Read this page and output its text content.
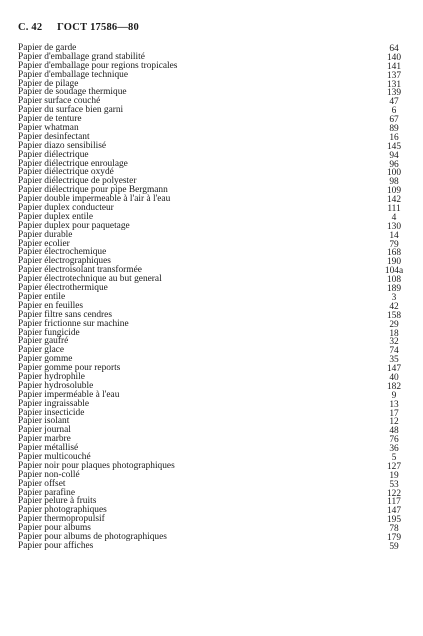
С. 42 ГОСТ 17586—80
Papier de garde	64
Papier d'emballage grand stabilité	140
Papier d'emballage pour regions tropicales	141
Papier d'emballage technique	137
Papier de pilage	131
Papier de soudage thermique	139
Papier surface couché	47
Papier du surface bien garni	6
Papier de tenture	67
Papier whatman	89
Papier desinfectant	16
Papier diazo sensibilisé	145
Papier diélectrique	94
Papier diélectrique enroulage	96
Papier diélectrique oxydé	100
Papier diélectrique de polyester	98
Papier diélectrique pour pipe Bergmann	109
Papier double impermeable à l'air à l'eau	142
Papier duplex conducteur	111
Papier duplex entile	4
Papier duplex pour paquetage	130
Papier durable	14
Papier ecolier	79
Papier électrochemique	168
Papier électrographiques	190
Papier électroisolant transformée	104a
Papier électrotechnique au but general	108
Papier électrothermique	189
Papier entile	3
Papier en feuilles	42
Papier filtre sans cendres	158
Papier frictionne sur machine	29
Papier fungicide	18
Papier gaufré	32
Papier glace	74
Papier gomme	35
Papier gomme pour reports	147
Papier hydrophile	40
Papier hydrosoluble	182
Papier imperméable à l'eau	9
Papier ingraissable	13
Papier insecticide	17
Papier isolant	12
Papier journal	48
Papier marbre	76
Papier métallisé	36
Papier multicouché	5
Papier noir pour plaques photographiques	127
Papier non-collé	19
Papier offset	53
Papier parafine	122
Papier pelure à fruits	117
Papier photographiques	147
Papier thermopropulsif	195
Papier pour albums	78
Papier pour albums de photographiques	179
Papier pour affiches	59
